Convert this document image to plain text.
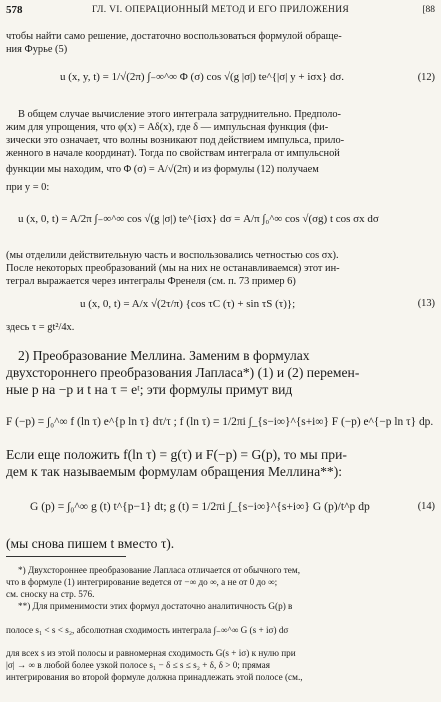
578	ГЛ. VI. ОПЕРАЦИОННЫЙ МЕТОД И ЕГО ПРИЛОЖЕНИЯ	[88
чтобы найти само решение, достаточно воспользоваться формулой обраще-
ния Фурье (5)
u (x, y, t) = 1/√(2π) ∫₋∞^∞ Φ (σ) cos √(g |σ|) te^{|σ| y + iσx} dσ.	(12)
В общем случае вычисление этого интеграла затруднительно. Предполо-
жим для упрощения, что φ(x) = Aδ(x), где δ — импульсная функция (фи-
зически это означает, что волны возникают под действием импульса, прило-
женного в начале координат). Тогда по свойствам интеграла от импульсной
функции мы находим, что Φ (σ) = A/√(2π) и из формулы (12) получаем
при y = 0:
u (x, 0, t) = A/2π ∫₋∞^∞ cos √(g |σ|) te^{iσx} dσ = A/π ∫₀^∞ cos √(σg) t cos σx dσ
(мы отделили действительную часть и воспользовались четностью cos σx).
После некоторых преобразований (мы на них не останавливаемся) этот ин-
теграл выражается через интегралы Френеля (см. п. 73 пример 6)
u (x, 0, t) = A/x √(2τ/π) {cos τC (τ) + sin τS (τ)};	(13)
здесь τ = gt²/4x.
2) Преобразование Меллина. Заменим в формулах
двухстороннего преобразования Лапласа*) (1) и (2) перемен-
ные p на −p и t на τ = eᵗ; эти формулы примут вид
F (−p) = ∫₀^∞ f (ln τ) e^{p ln τ} dτ/τ ; f (ln τ) = 1/2πi ∫_{s−i∞}^{s+i∞} F (−p) e^{−p ln τ} dp.
Если еще положить f(ln τ) = g(τ) и F(−p) = G(p), то мы при-
дем к так называемым формулам обращения Меллина**):
G (p) = ∫₀^∞ g (t) t^{p−1} dt; g (t) = 1/2πi ∫_{s−i∞}^{s+i∞} G (p)/t^p dp	(14)
(мы снова пишем t вместо τ).
*) Двухстороннее преобразование Лапласа отличается от обычного тем,
что в формуле (1) интегрирование ведется от −∞ до ∞, а не от 0 до ∞;
см. сноску на стр. 576.
**) Для применимости этих формул достаточно аналитичность G(p) в
полосе s₁ < s < s₂, абсолютная сходимость интеграла ∫₋∞^∞ G (s + iσ) dσ
для всех s из этой полосы и равномерная сходимость G(s + iσ) к нулю при
|σ| → ∞ в любой более узкой полосе s₁ − δ ≤ s ≤ s₂ + δ, δ > 0; прямая
интегрирования во второй формуле должна принадлежать этой полосе (см.,
